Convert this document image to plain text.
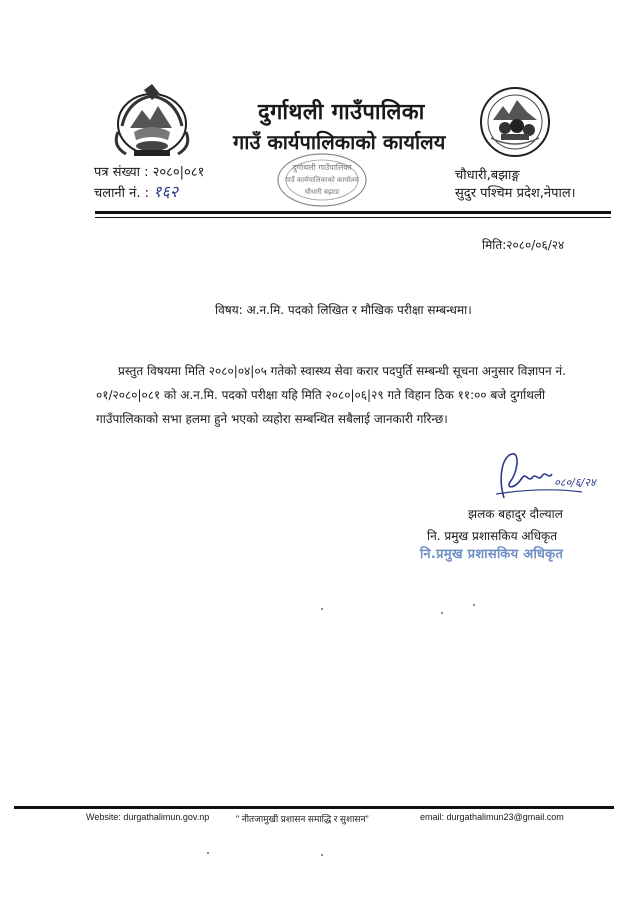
दुर्गाथली गाउँपालिका
गाउँ कार्यपालिकाको कार्यालय
दुर्गाथली गाउँपालिका
गाउँ कार्यपालिकाको कार्यालय
चौधारी बझाङ
पत्र संख्या : २०८०|०८१
चलानी नं. : १६२
चौधारी,बझाङ्ग
सुदुर पश्चिम प्रदेश,नेपाल।
मिति:२०८०/०६/२४
विषय: अ.न.मि. पदको लिखित र मौखिक परीक्षा सम्बन्धमा।
प्रस्तुत विषयमा मिति २०८०|०४|०५ गतेको स्वास्थ्य सेवा करार पदपुर्ति सम्बन्धी सूचना अनुसार विज्ञापन नं.
०१/२०८०|०८१ को अ.न.मि. पदको परीक्षा यहि मिति २०८०|०६|२९ गते विहान ठिक ११:०० बजे दुर्गाथली
गाउँपालिकाको सभा हलमा हुने भएको व्यहोरा सम्बन्धित सबैलाई जानकारी गरिन्छ।
०८०/६/२४
झलक बहादुर दौल्याल
नि. प्रमुख प्रशासकिय अधिकृत
नि.प्रमुख प्रशासकिय अधिकृत
Website: durgathalimun.gov.np	" नीतजामुखी प्रशासन समाद्धि र सुशासन"	email: durgathalimun23@gmail.com
